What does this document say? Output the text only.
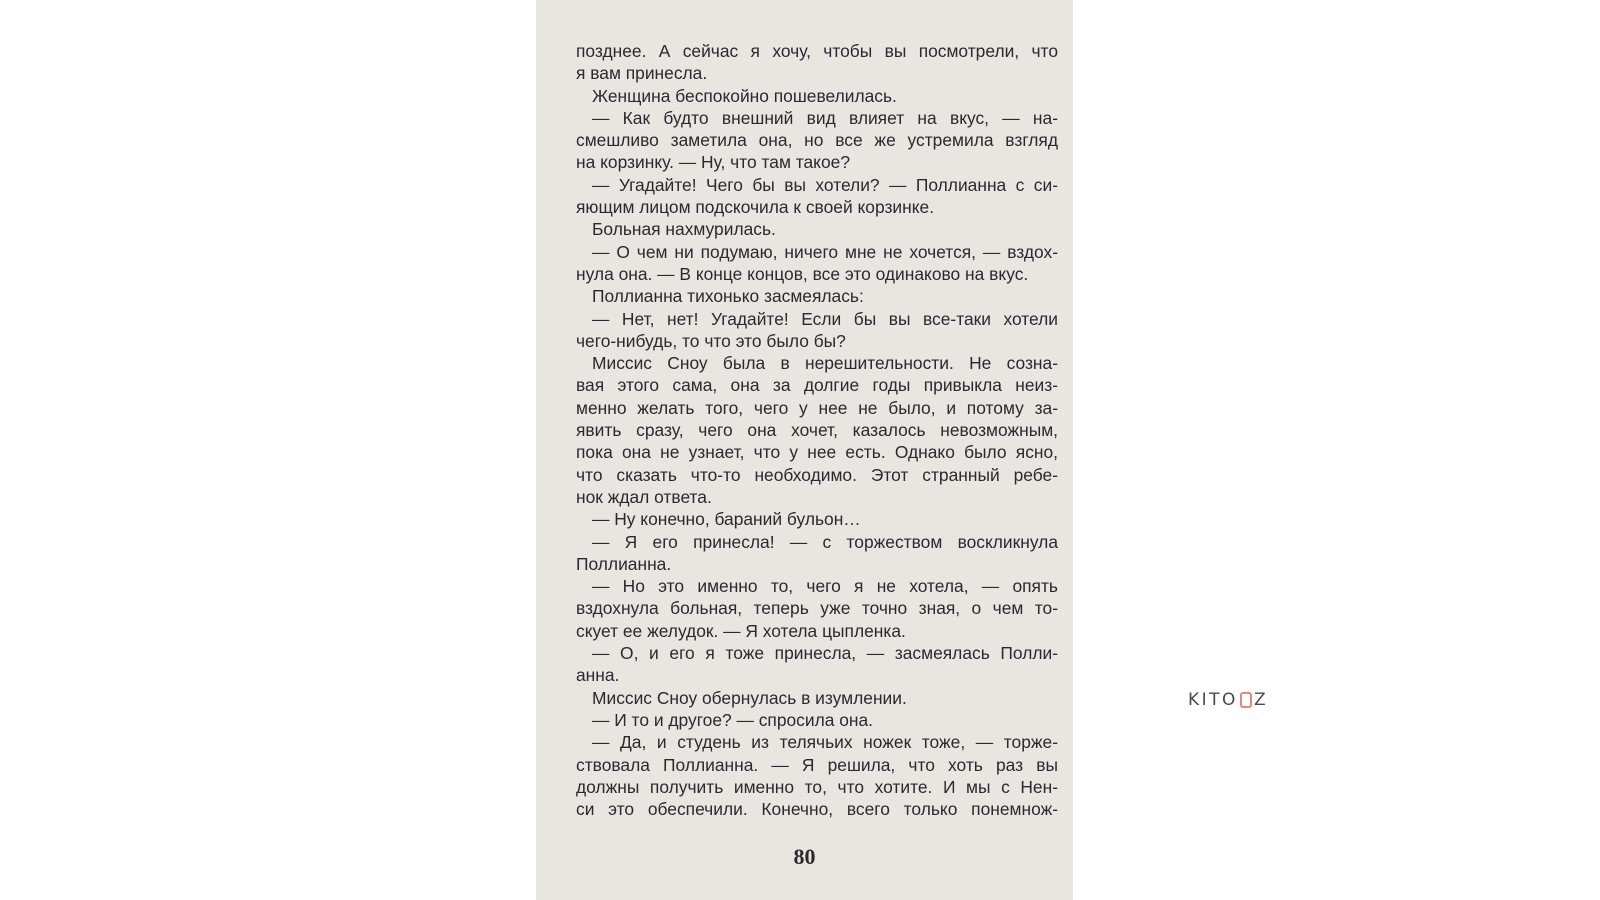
позднее. А сейчас я хочу, чтобы вы посмотрели, что
я вам принесла.
Женщина беспокойно пошевелилась.
— Как будто внешний вид влияет на вкус, — на-
смешливо заметила она, но все же устремила взгляд
на корзинку. — Ну, что там такое?
— Угадайте! Чего бы вы хотели? — Поллианна с си-
яющим лицом подскочила к своей корзинке.
Больная нахмурилась.
— О чем ни подумаю, ничего мне не хочется, — вздох-
нула она. — В конце концов, все это одинаково на вкус.
Поллианна тихонько засмеялась:
— Нет, нет! Угадайте! Если бы вы все-таки хотели
чего-нибудь, то что это было бы?
Миссис Сноу была в нерешительности. Не созна-
вая этого сама, она за долгие годы привыкла неиз-
менно желать того, чего у нее не было, и потому за-
явить сразу, чего она хочет, казалось невозможным,
пока она не узнает, что у нее есть. Однако было ясно,
что сказать что-то необходимо. Этот странный ребе-
нок ждал ответа.
— Ну конечно, бараний бульон…
— Я его принесла! — с торжеством воскликнула
Поллианна.
— Но это именно то, чего я не хотела, — опять
вздохнула больная, теперь уже точно зная, о чем то-
скует ее желудок. — Я хотела цыпленка.
— О, и его я тоже принесла, — засмеялась Полли-
анна.
Миссис Сноу обернулась в изумлении.
— И то и другое? — спросила она.
— Да, и студень из телячьих ножек тоже, — торже-
ствовала Поллианна. — Я решила, что хоть раз вы
должны получить именно то, что хотите. И мы с Нен-
си это обеспечили. Конечно, всего только понемнож-
80
KITO Z
